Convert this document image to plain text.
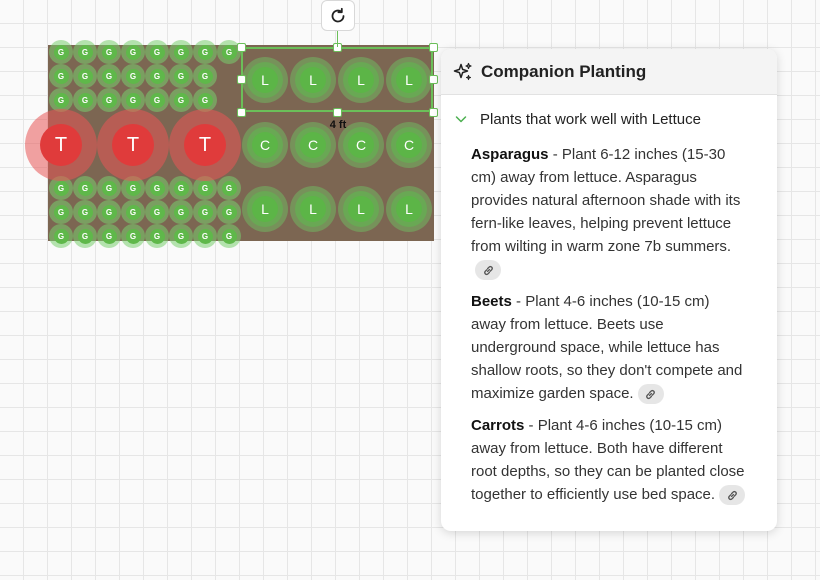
G	G	G	G	G	G	G	G
G	G	G	G	G	G	G
G	G	G	G	G	G	G
G	G	G	G	G	G	G	G
G	G	G	G	G	G	G	G
G	G	G	G	G	G	G	G
L	L	L	L
C	C	C	C
L	L	L	L
T	T	T
4 ft
Companion Planting
Plants that work well with Lettuce
Asparagus - Plant 6-12 inches (15-30 cm) away from lettuce. Asparagus provides natural afternoon shade with its fern-like leaves, helping prevent lettuce from wilting in warm zone 7b summers.
Beets - Plant 4-6 inches (10-15 cm) away from lettuce. Beets use underground space, while lettuce has shallow roots, so they don't compete and maximize garden space.
Carrots - Plant 4-6 inches (10-15 cm) away from lettuce. Both have different root depths, so they can be planted close together to efficiently use bed space.
